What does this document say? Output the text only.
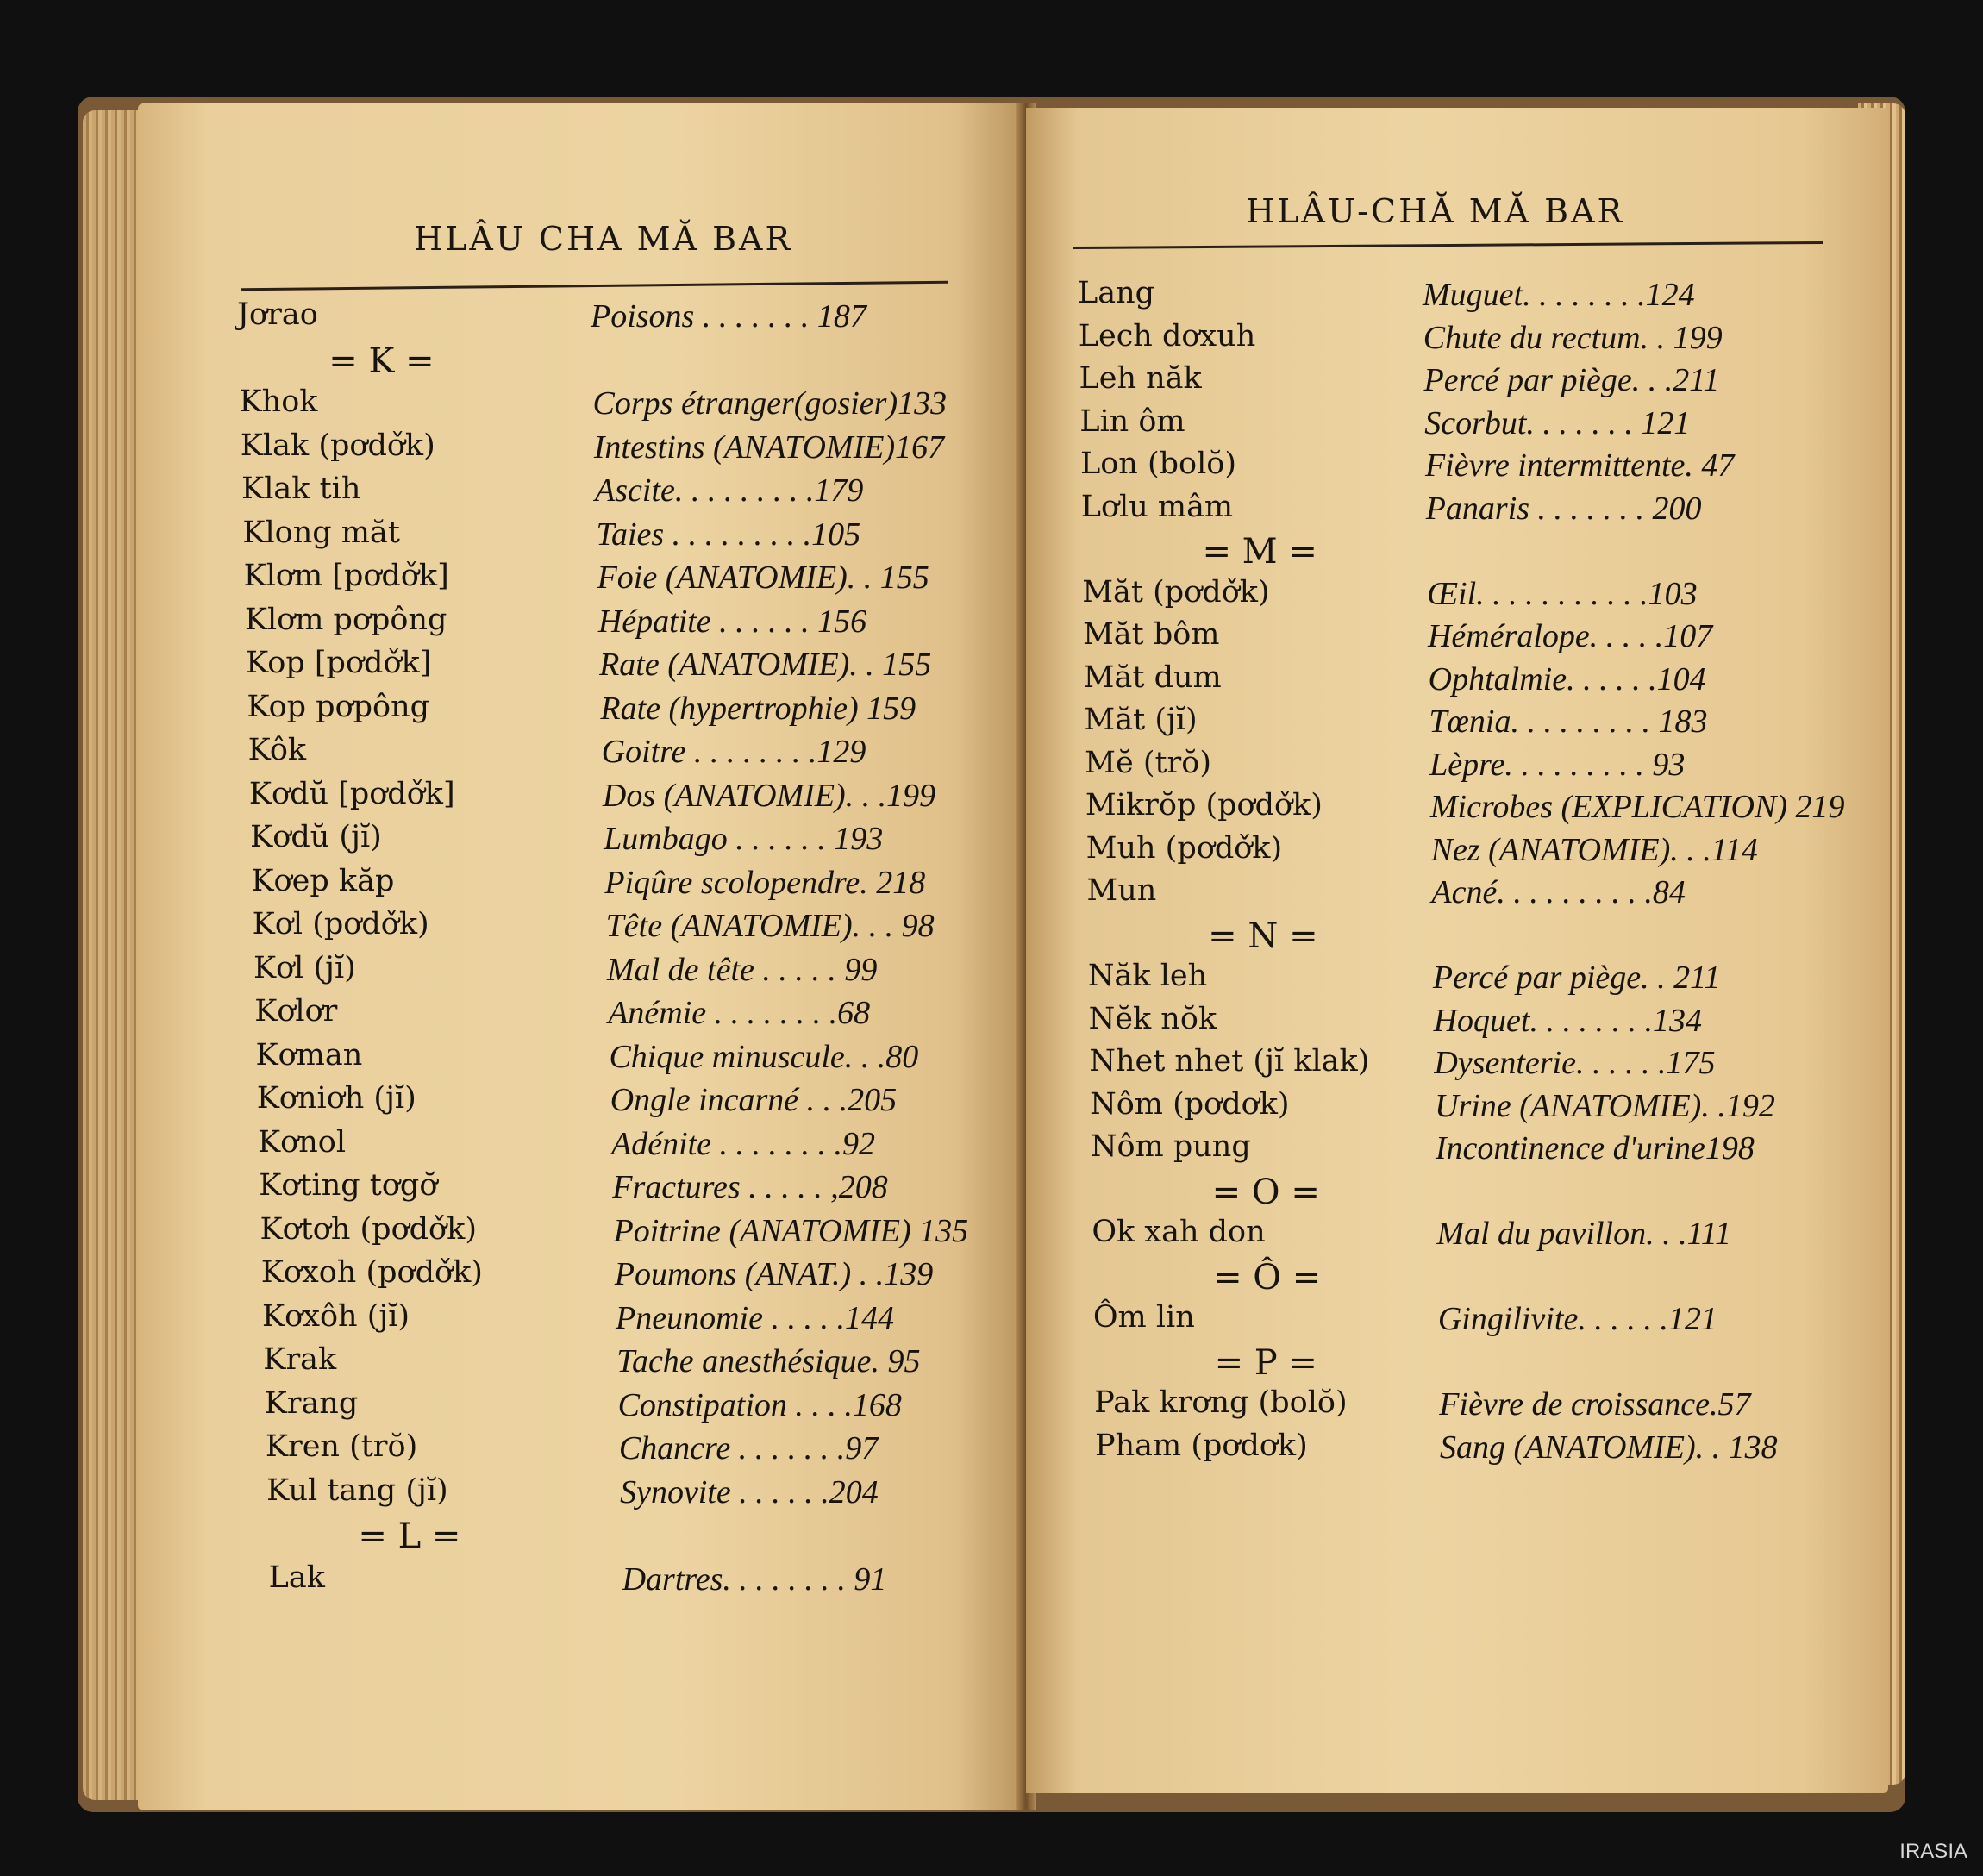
HLÂU CHA MĂ BAR
Jơrao	Poisons . . . . . . . 187
= K =
Khok	Corps étranger(gosier)133
Klak (pơdơ̌k)	Intestins (ANATOMIE)167
Klak tih	Ascite. . . . . . . . .179
Klong măt	Taies . . . . . . . . .105
Klơm [pơdơ̌k]	Foie (ANATOMIE). . 155
Klơm pơpông	Hépatite . . . . . . 156
Kop [pơdơ̌k]	Rate (ANATOMIE). . 155
Kop pơpông	Rate (hypertrophie) 159
Kôk	Goitre . . . . . . . .129
Kơdŭ [pơdơ̌k]	Dos (ANATOMIE). . .199
Kơdŭ (jĭ)	Lumbago . . . . . . 193
Kơep kăp	Piqûre scolopendre. 218
Kơl (pơdơ̌k)	Tête (ANATOMIE). . . 98
Kơl (jĭ)	Mal de tête . . . . . 99
Kơlơr	Anémie . . . . . . . .68
Kơman	Chique minuscule. . .80
Kơniơh (jĭ)	Ongle incarné . . .205
Kơnol	Adénite . . . . . . . .92
Kơting tơgơ̆	Fractures . . . . . ,208
Kơtơh (pơdơ̌k)	Poitrine (ANATOMIE) 135
Kơxoh (pơdơ̌k)	Poumons (ANAT.) . .139
Kơxôh (jĭ)	Pneunomie . . . . .144
Krak	Tache anesthésique. 95
Krang	Constipation . . . .168
Kren (trŏ)	Chancre . . . . . . .97
Kul tang (jĭ)	Synovite . . . . . .204
= L =
Lak	Dartres. . . . . . . . 91
HLÂU-CHĂ MĂ BAR
Lang	Muguet. . . . . . . .124
Lech dơxuh	Chute du rectum. . 199
Leh năk	Percé par piège. . .211
Lin ôm	Scorbut. . . . . . . 121
Lon (bolŏ)	Fièvre intermittente. 47
Lơlu mâm	Panaris . . . . . . . 200
= M =
Măt (pơdơ̌k)	Œil. . . . . . . . . . .103
Măt bôm	Héméralope. . . . .107
Măt dum	Ophtalmie. . . . . .104
Măt (jĭ)	Tœnia. . . . . . . . . 183
Mĕ (trŏ)	Lèpre. . . . . . . . . 93
Mikrŏp (pơdơ̌k)	Microbes (EXPLICATION) 219
Muh (pơdơ̌k)	Nez (ANATOMIE). . .114
Mun	Acné. . . . . . . . . .84
= N =
Năk leh	Percé par piège. . 211
Nĕk nŏk	Hoquet. . . . . . . .134
Nhet nhet (jĭ klak) Dysenterie. . . . . .175
Nôm (pơdơk)	Urine (ANATOMIE). .192
Nôm pung	Incontinence d'urine198
= O =
Ok xah don	Mal du pavillon. . .111
= Ô =
Ôm lin	Gingilivite. . . . . .121
= P =
Pak krơng (bolŏ)	Fièvre de croissance.57
Pham (pơdơk)	Sang (ANATOMIE). . 138
IRASIA
